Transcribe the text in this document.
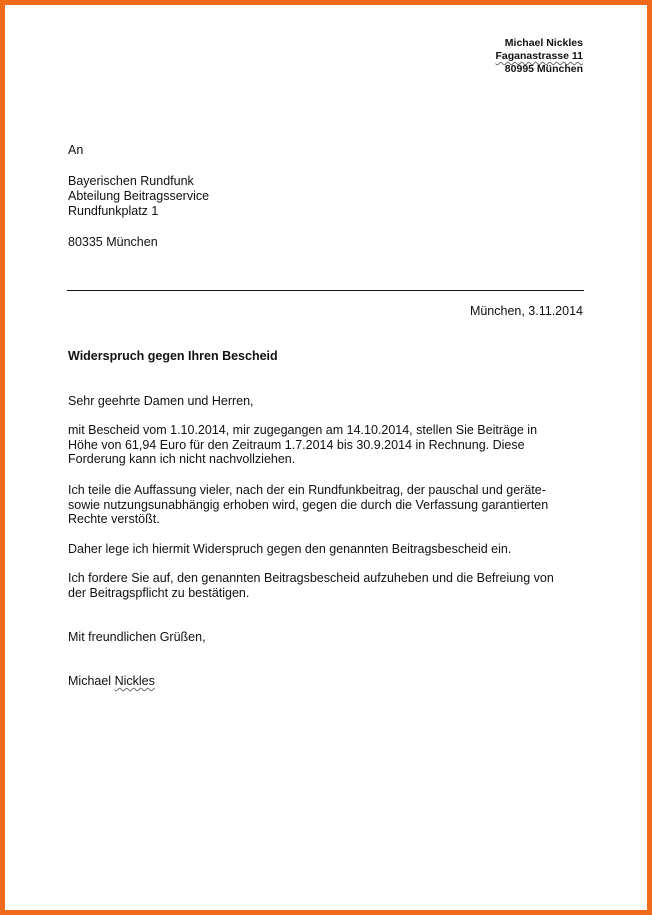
Michael Nickles
Faganastrasse 11
80995 München
An
Bayerischen Rundfunk
Abteilung Beitragsservice
Rundfunkplatz 1
80335 München
München, 3.11.2014
Widerspruch gegen Ihren Bescheid
Sehr geehrte Damen und Herren,
mit Bescheid vom 1.10.2014, mir zugegangen am 14.10.2014, stellen Sie Beiträge in
Höhe von 61,94 Euro für den Zeitraum 1.7.2014 bis 30.9.2014 in Rechnung. Diese
Forderung kann ich nicht nachvollziehen.
Ich teile die Auffassung vieler, nach der ein Rundfunkbeitrag, der pauschal und geräte-
sowie nutzungsunabhängig erhoben wird, gegen die durch die Verfassung garantierten
Rechte verstößt.
Daher lege ich hiermit Widerspruch gegen den genannten Beitragsbescheid ein.
Ich fordere Sie auf, den genannten Beitragsbescheid aufzuheben und die Befreiung von
der Beitragspflicht zu bestätigen.
Mit freundlichen Grüßen,
Michael Nickles
